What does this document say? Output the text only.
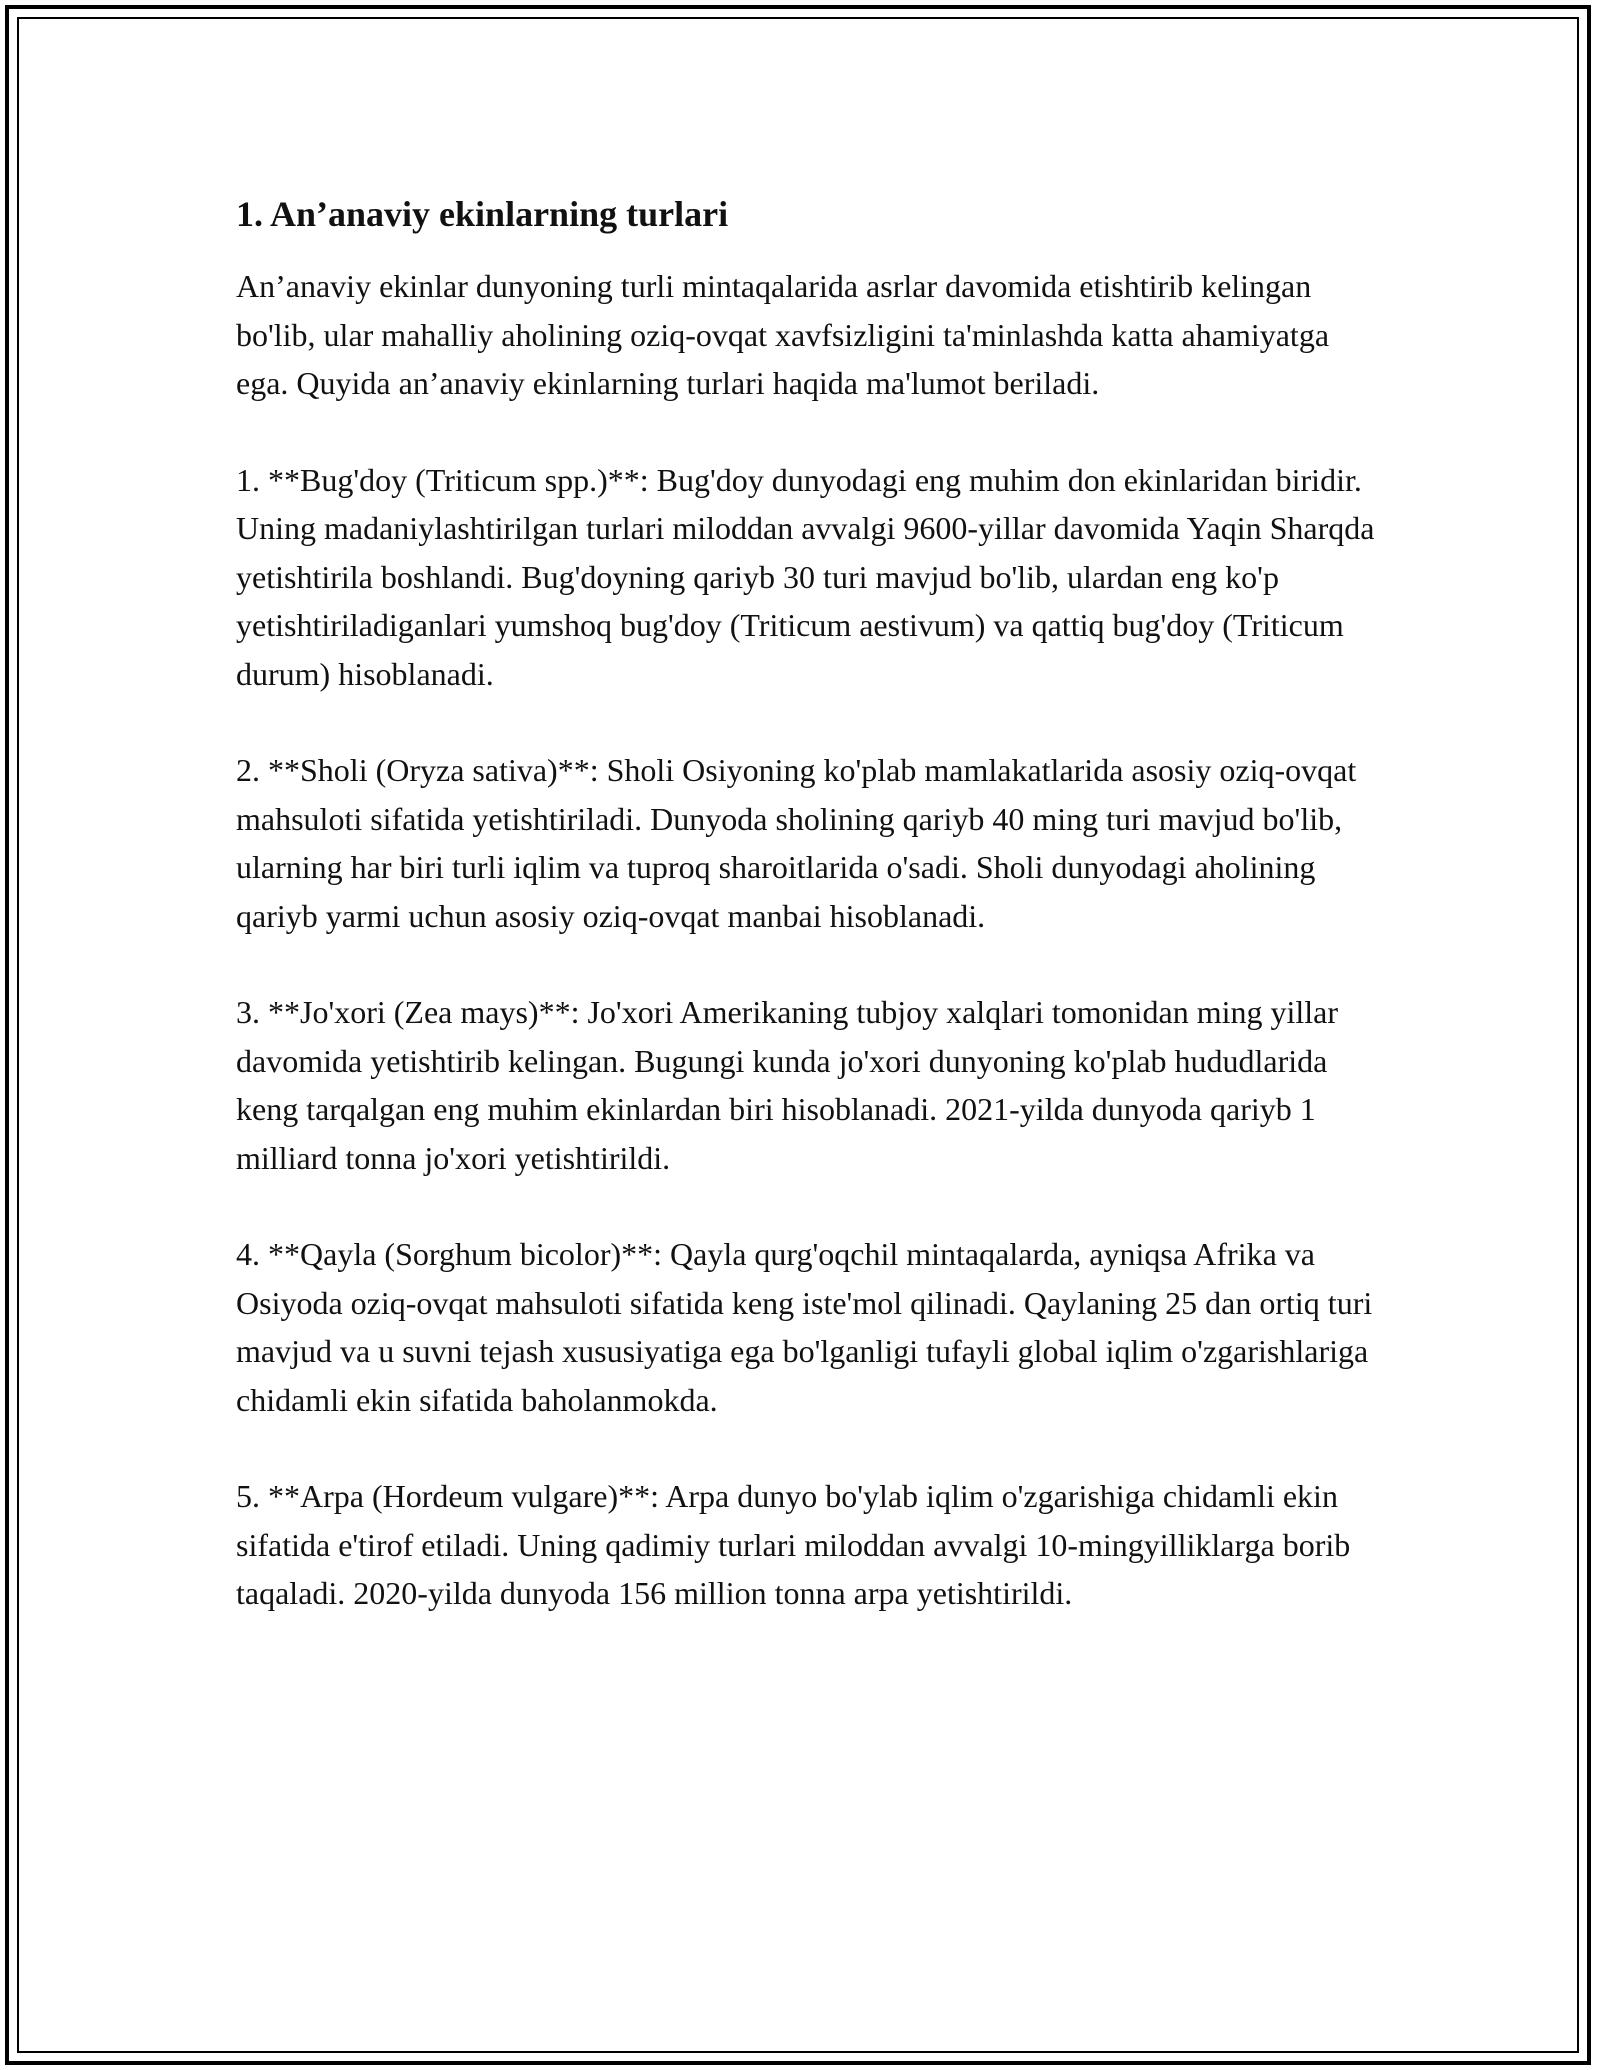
1. An’anaviy ekinlarning turlari

An’anaviy ekinlar dunyoning turli mintaqalarida asrlar davomida etishtirib kelingan bo'lib, ular mahalliy aholining oziq-ovqat xavfsizligini ta'minlashda katta ahamiyatga ega. Quyida an’anaviy ekinlarning turlari haqida ma'lumot beriladi.

1. **Bug'doy (Triticum spp.)**: Bug'doy dunyodagi eng muhim don ekinlaridan biridir. Uning madaniylashtirilgan turlari miloddan avvalgi 9600-yillar davomida Yaqin Sharqda yetishtirila boshlandi. Bug'doyning qariyb 30 turi mavjud bo'lib, ulardan eng ko'p yetishtiriladiganlari yumshoq bug'doy (Triticum aestivum) va qattiq bug'doy (Triticum durum) hisoblanadi.

2. **Sholi (Oryza sativa)**: Sholi Osiyoning ko'plab mamlakatlarida asosiy oziq-ovqat mahsuloti sifatida yetishtiriladi. Dunyoda sholining qariyb 40 ming turi mavjud bo'lib, ularning har biri turli iqlim va tuproq sharoitlarida o'sadi. Sholi dunyodagi aholining qariyb yarmi uchun asosiy oziq-ovqat manbai hisoblanadi.

3. **Jo'xori (Zea mays)**: Jo'xori Amerikaning tubjoy xalqlari tomonidan ming yillar davomida yetishtirib kelingan. Bugungi kunda jo'xori dunyoning ko'plab hududlarida keng tarqalgan eng muhim ekinlardan biri hisoblanadi. 2021-yilda dunyoda qariyb 1 milliard tonna jo'xori yetishtirildi.

4. **Qayla (Sorghum bicolor)**: Qayla qurg'oqchil mintaqalarda, ayniqsa Afrika va Osiyoda oziq-ovqat mahsuloti sifatida keng iste'mol qilinadi. Qaylaning 25 dan ortiq turi mavjud va u suvni tejash xususiyatiga ega bo'lganligi tufayli global iqlim o'zgarishlariga chidamli ekin sifatida baholanmokda.

5. **Arpa (Hordeum vulgare)**: Arpa dunyo bo'ylab iqlim o'zgarishiga chidamli ekin sifatida e'tirof etiladi. Uning qadimiy turlari miloddan avvalgi 10-mingyilliklarga borib taqaladi. 2020-yilda dunyoda 156 million tonna arpa yetishtirildi.
